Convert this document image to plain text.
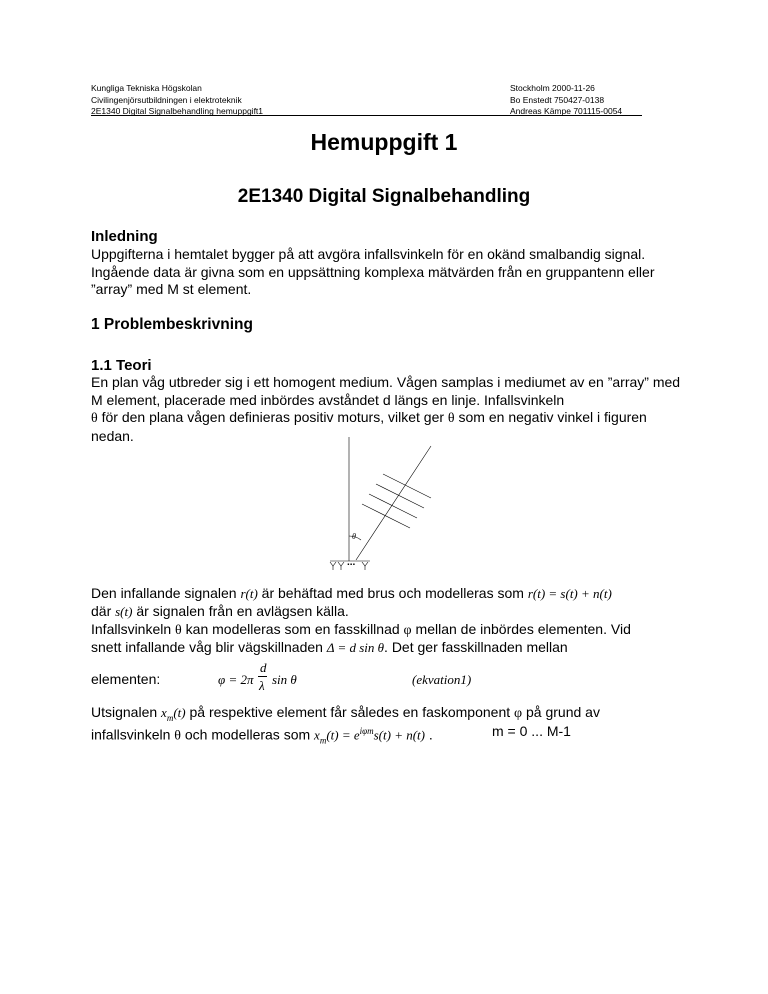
Kungliga Tekniska Högskolan
Civilingenjörsutbildningen i elektroteknik
2E1340 Digital Signalbehandling hemuppgift1
Stockholm 2000-11-26
Bo Enstedt 750427-0138
Andreas Kämpe 701115-0054
Hemuppgift 1
2E1340 Digital Signalbehandling
Inledning

Uppgifterna i hemtalet bygger på att avgöra infallsvinkeln för en okänd smalbandig signal. Ingående data är givna som en uppsättning komplexa mätvärden från en gruppantenn eller ”array” med M st element.

1 Problembeskrivning
1.1 Teori

En plan våg utbreder sig i ett homogent medium. Vågen samplas i mediumet av en ”array” med M element, placerade med inbördes avståndet d längs en linje. Infallsvinkeln
θ för den plana vågen definieras positiv moturs, vilket ger θ som en negativ vinkel i figuren nedan.

θ
...
Den infallande signalen r(t) är behäftad med brus och modelleras som r(t) = s(t) + n(t)
där s(t) är signalen från en avlägsen källa.
Infallsvinkeln θ kan modelleras som en fasskillnad φ mellan de inbördes elementen. Vid
snett infallande våg blir vägskillnaden Δ = d sin θ. Det ger fasskillnaden mellan
elementen:	φ = 2π
d
λ sin θ	(ekvation1)
Utsignalen $x_m(t)$ på respektive element får således en faskomponent φ på grund av
infallsvinkeln θ och modelleras som $x_m(t) = e^{i\varphi m}s(t) + n(t)$ .	m = 0 ... M-1
